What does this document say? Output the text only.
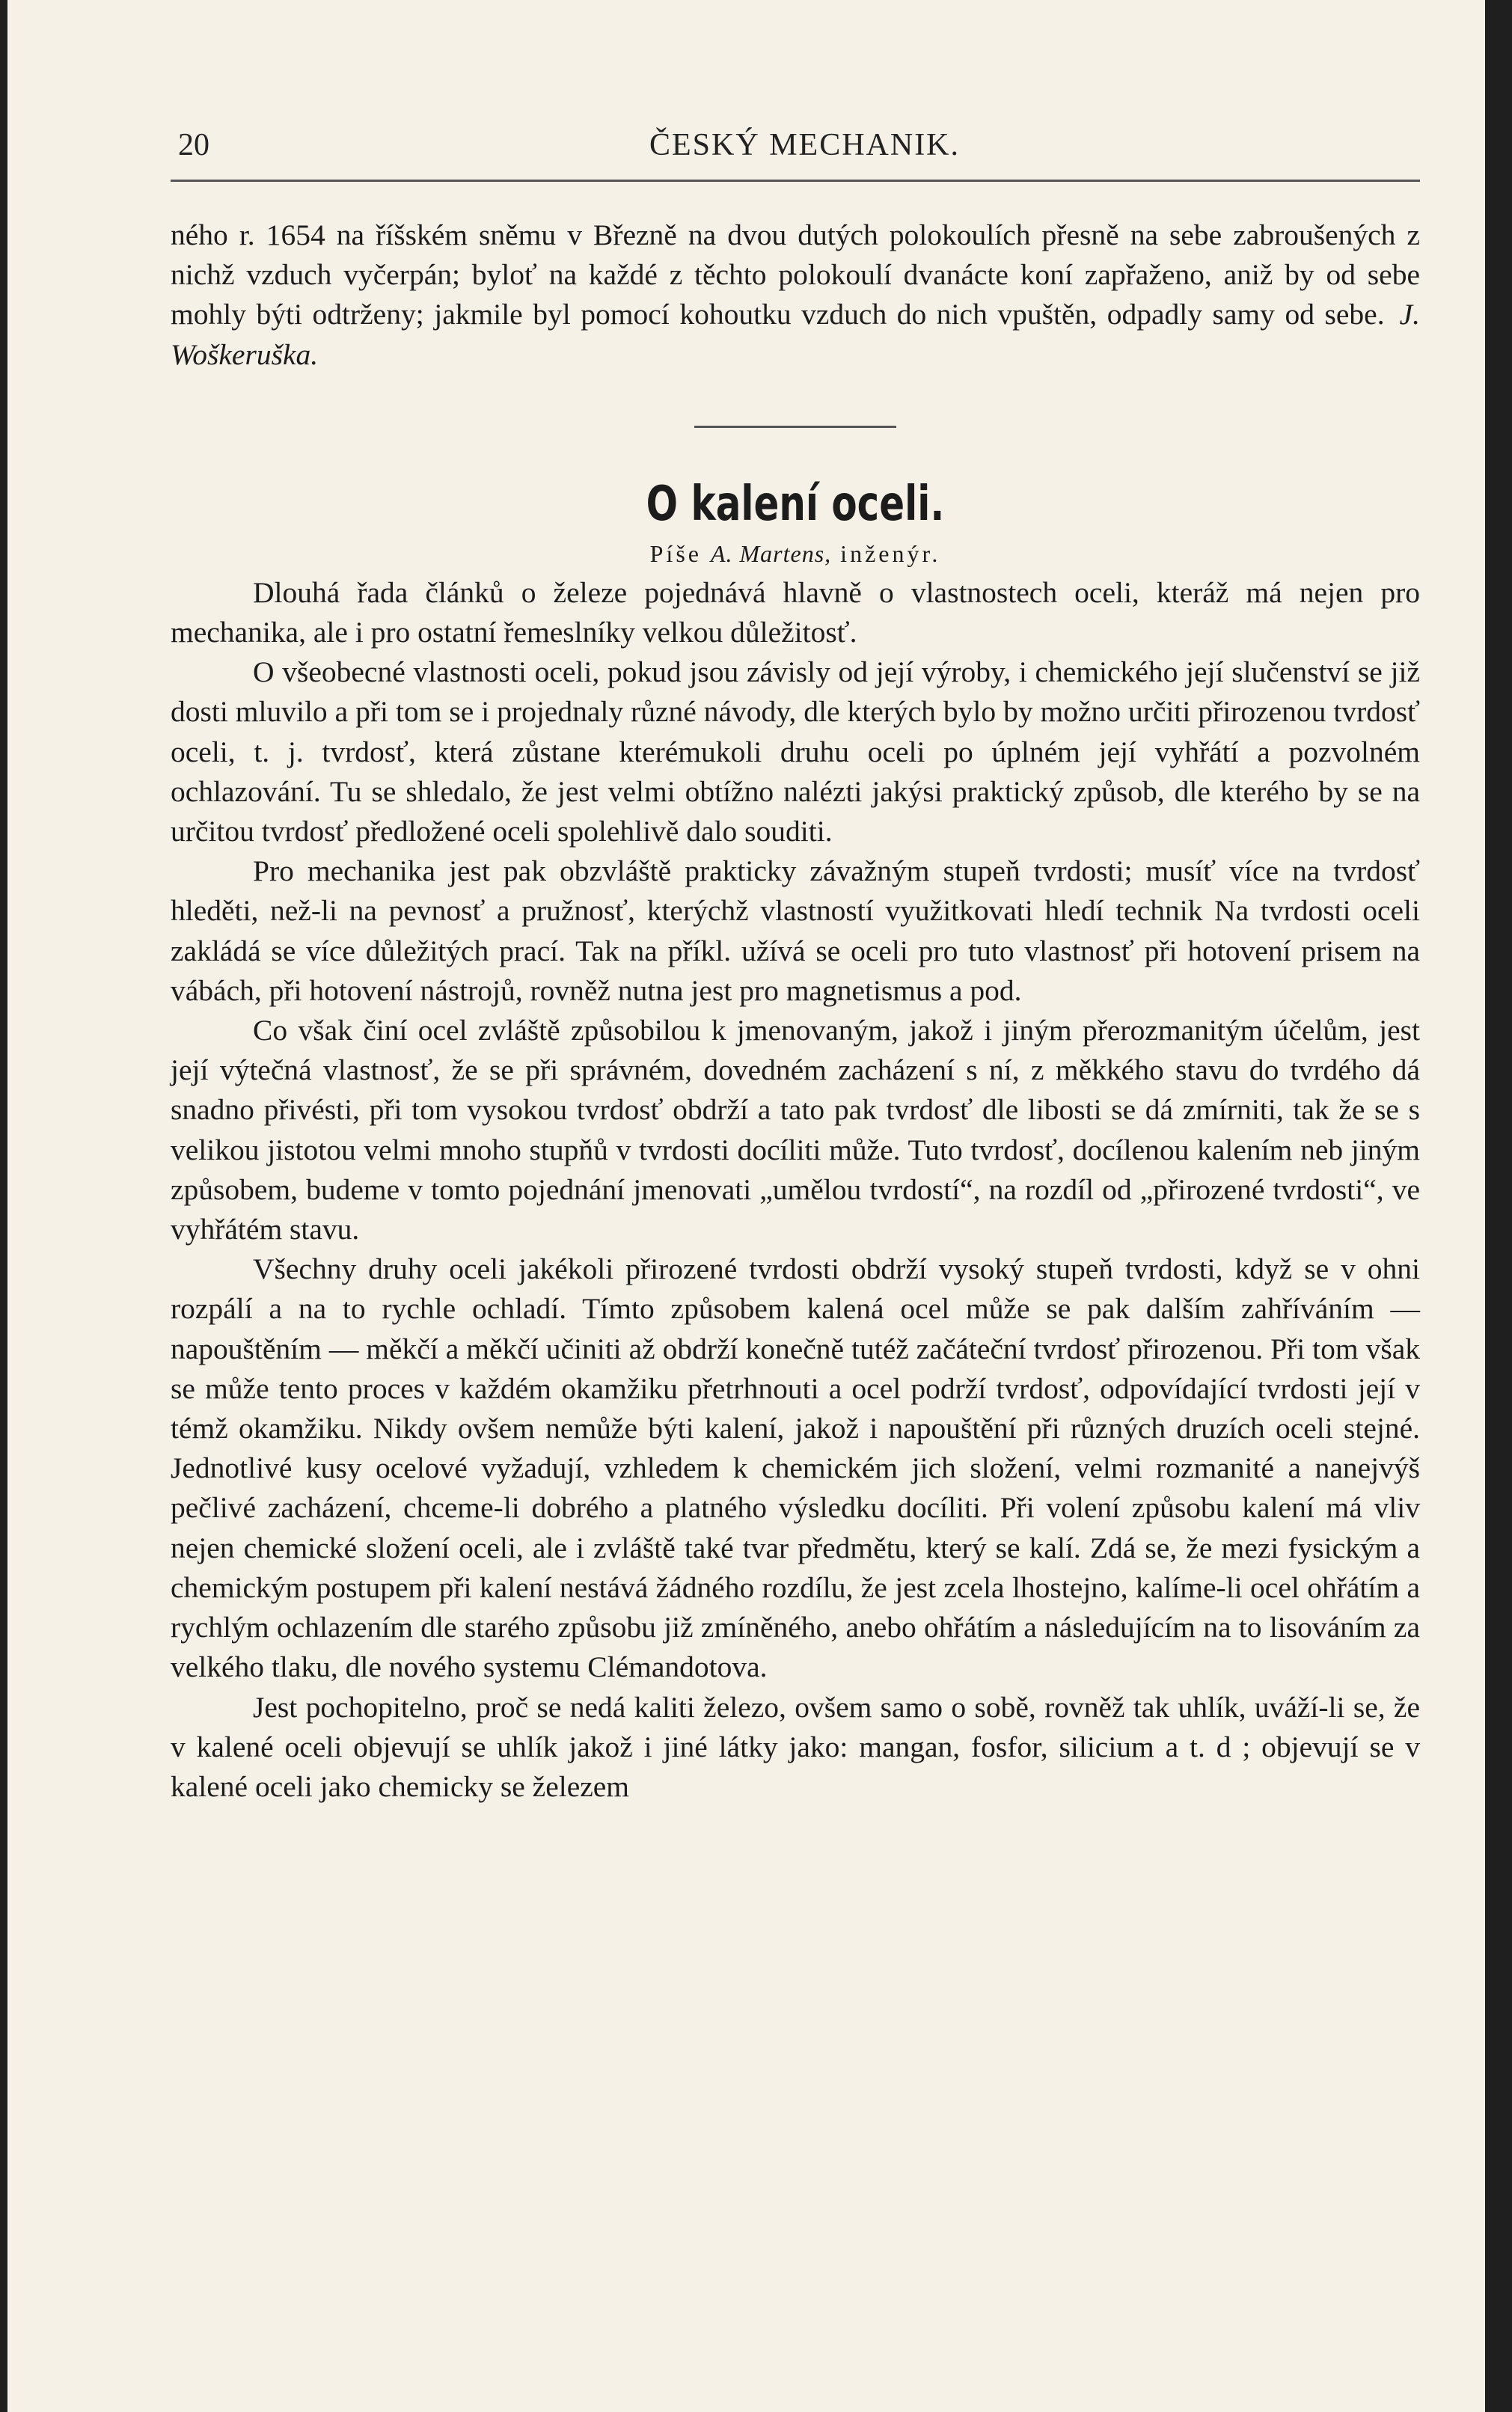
20	ČESKÝ MECHANIK.

ného r. 1654 na říšském sněmu v Březně na dvou dutých polokoulích přesně na sebe zabroušených z nichž vzduch vyčerpán; byloť na každé z těchto polokoulí dvanácte koní zapřaženo, aniž by od sebe mohly býti odtrženy; jakmile byl pomocí kohoutku vzduch do nich vpuštěn, odpadly samy od sebe. J. Woškeruška.

O kalení oceli.

Píše A. Martens, inženýr.

Dlouhá řada článků o železe pojednává hlavně o vlastnostech oceli, kteráž má nejen pro mechanika, ale i pro ostatní řemeslníky velkou důležitosť.

O všeobecné vlastnosti oceli, pokud jsou závisly od její výroby, i chemického její slučenství se již dosti mluvilo a při tom se i projednaly různé návody, dle kterých bylo by možno určiti přirozenou tvrdosť oceli, t. j. tvrdosť, která zůstane kterémukoli druhu oceli po úplném její vyhřátí a pozvolném ochlazování. Tu se shledalo, že jest velmi obtížno nalézti jakýsi praktický způsob, dle kterého by se na určitou tvrdosť předložené oceli spolehlivě dalo souditi.

Pro mechanika jest pak obzvláště prakticky závažným stupeň tvrdosti; musíť více na tvrdosť hleděti, než-li na pevnosť a pružnosť, kterýchž vlastností využitkovati hledí technik Na tvrdosti oceli zakládá se více důležitých prací. Tak na příkl. užívá se oceli pro tuto vlastnosť při hotovení prisem na vábách, při hotovení nástrojů, rovněž nutna jest pro magnetismus a pod.

Co však činí ocel zvláště způsobilou k jmenovaným, jakož i jiným přerozmanitým účelům, jest její výtečná vlastnosť, že se při správném, dovedném zacházení s ní, z měkkého stavu do tvrdého dá snadno přivésti, při tom vysokou tvrdosť obdrží a tato pak tvrdosť dle libosti se dá zmírniti, tak že se s velikou jistotou velmi mnoho stupňů v tvrdosti docíliti může. Tuto tvrdosť, docílenou kalením neb jiným způsobem, budeme v tomto pojednání jmenovati „umělou tvrdostí“, na rozdíl od „přirozené tvrdosti“, ve vyhřátém stavu.

Všechny druhy oceli jakékoli přirozené tvrdosti obdrží vysoký stupeň tvrdosti, když se v ohni rozpálí a na to rychle ochladí. Tímto způsobem kalená ocel může se pak dalším zahříváním — napouštěním — měkčí a měkčí učiniti až obdrží konečně tutéž začáteční tvrdosť přirozenou. Při tom však se může tento proces v každém okamžiku přetrhnouti a ocel podrží tvrdosť, odpovídající tvrdosti její v témž okamžiku. Nikdy ovšem nemůže býti kalení, jakož i napouštění při různých druzích oceli stejné. Jednotlivé kusy ocelové vyžadují, vzhledem k chemickém jich složení, velmi rozmanité a nanejvýš pečlivé zacházení, chceme-li dobrého a platného výsledku docíliti. Při volení způsobu kalení má vliv nejen chemické složení oceli, ale i zvláště také tvar předmětu, který se kalí. Zdá se, že mezi fysickým a chemickým postupem při kalení nestává žádného rozdílu, že jest zcela lhostejno, kalíme-li ocel ohřátím a rychlým ochlazením dle starého způsobu již zmíněného, anebo ohřátím a následujícím na to lisováním za velkého tlaku, dle nového systemu Clémandotova.

Jest pochopitelno, proč se nedá kaliti železo, ovšem samo o sobě, rovněž tak uhlík, uváží-li se, že v kalené oceli objevují se uhlík jakož i jiné látky jako: mangan, fosfor, silicium a t. d ; objevují se v kalené oceli jako chemicky se železem
